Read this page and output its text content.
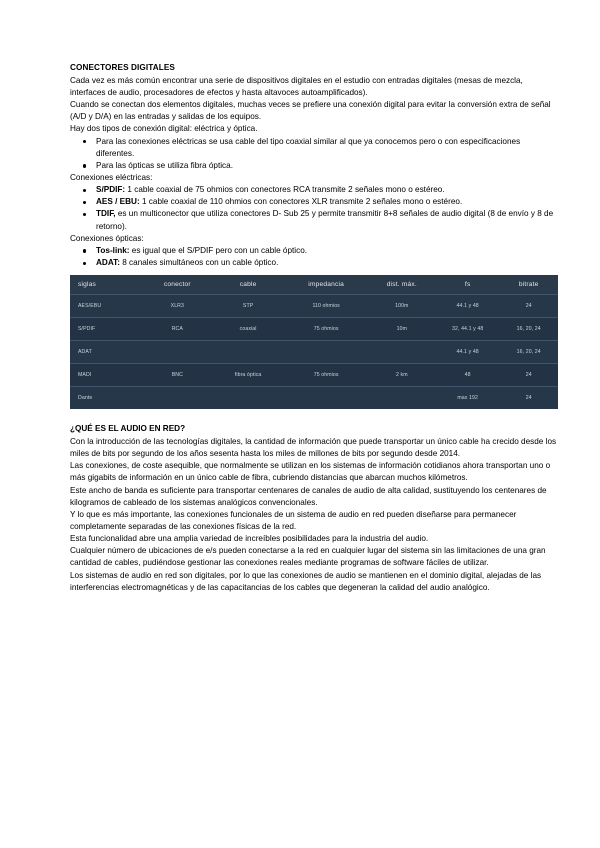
CONECTORES DIGITALES

Cada vez es más común encontrar una serie de dispositivos digitales en el estudio con entradas digitales (mesas de mezcla, interfaces de audio, procesadores de efectos y hasta altavoces autoamplificados).

Cuando se conectan dos elementos digitales, muchas veces se prefiere una conexión digital para evitar la conversión extra de señal (A/D y D/A) en las entradas y salidas de los equipos.

Hay dos tipos de conexión digital: eléctrica y óptica.

Para las conexiones eléctricas se usa cable del tipo coaxial similar al que ya conocemos pero o con especificaciones diferentes.
Para las ópticas se utiliza fibra óptica.

Conexiones eléctricas:

S/PDIF: 1 cable coaxial de 75 ohmios con conectores RCA transmite 2 señales mono o estéreo.
AES / EBU: 1 cable coaxial de 110 ohmios con conectores XLR transmite 2 señales mono o estéreo.
TDIF, es un multiconector que utiliza conectores D- Sub 25 y permite transmitir 8+8 señales de audio digital (8 de envío y 8 de retorno).

Conexiones ópticas:

Tos-link: es igual que el S/PDIF pero con un cable óptico.
ADAT: 8 canales simultáneos con un cable óptico.
siglas	conector	cable	impedancia	dist. máx.	fs	bitrate
AES/EBU	XLR3	STP	110 ohmios	100m	44.1 y 48	24
S/PDIF	RCA	coaxial	75 ohmios	10m	32, 44.1 y 48	16, 20, 24
ADAT					44.1 y 48	16, 20, 24
MADI	BNC	fibra óptica	75 ohmios	2 km	48	24
Dante					max 192	24
¿QUÉ ES EL AUDIO EN RED?

Con la introducción de las tecnologías digitales, la cantidad de información que puede transportar un único cable ha crecido desde los miles de bits por segundo de los años sesenta hasta los miles de millones de bits por segundo desde 2014.

Las conexiones, de coste asequible, que normalmente se utilizan en los sistemas de información cotidianos ahora transportan uno o más gigabits de información en un único cable de fibra, cubriendo distancias que abarcan muchos kilómetros.

Este ancho de banda es suficiente para transportar centenares de canales de audio de alta calidad, sustituyendo los centenares de kilogramos de cableado de los sistemas analógicos convencionales.

Y lo que es más importante, las conexiones funcionales de un sistema de audio en red pueden diseñarse para permanecer completamente separadas de las conexiones físicas de la red.

Esta funcionalidad abre una amplia variedad de increíbles posibilidades para la industria del audio.

Cualquier número de ubicaciones de e/s pueden conectarse a la red en cualquier lugar del sistema sin las limitaciones de una gran cantidad de cables, pudiéndose gestionar las conexiones reales mediante programas de software fáciles de utilizar.

Los sistemas de audio en red son digitales, por lo que las conexiones de audio se mantienen en el dominio digital, alejadas de las interferencias electromagnéticas y de las capacitancias de los cables que degeneran la calidad del audio analógico.
